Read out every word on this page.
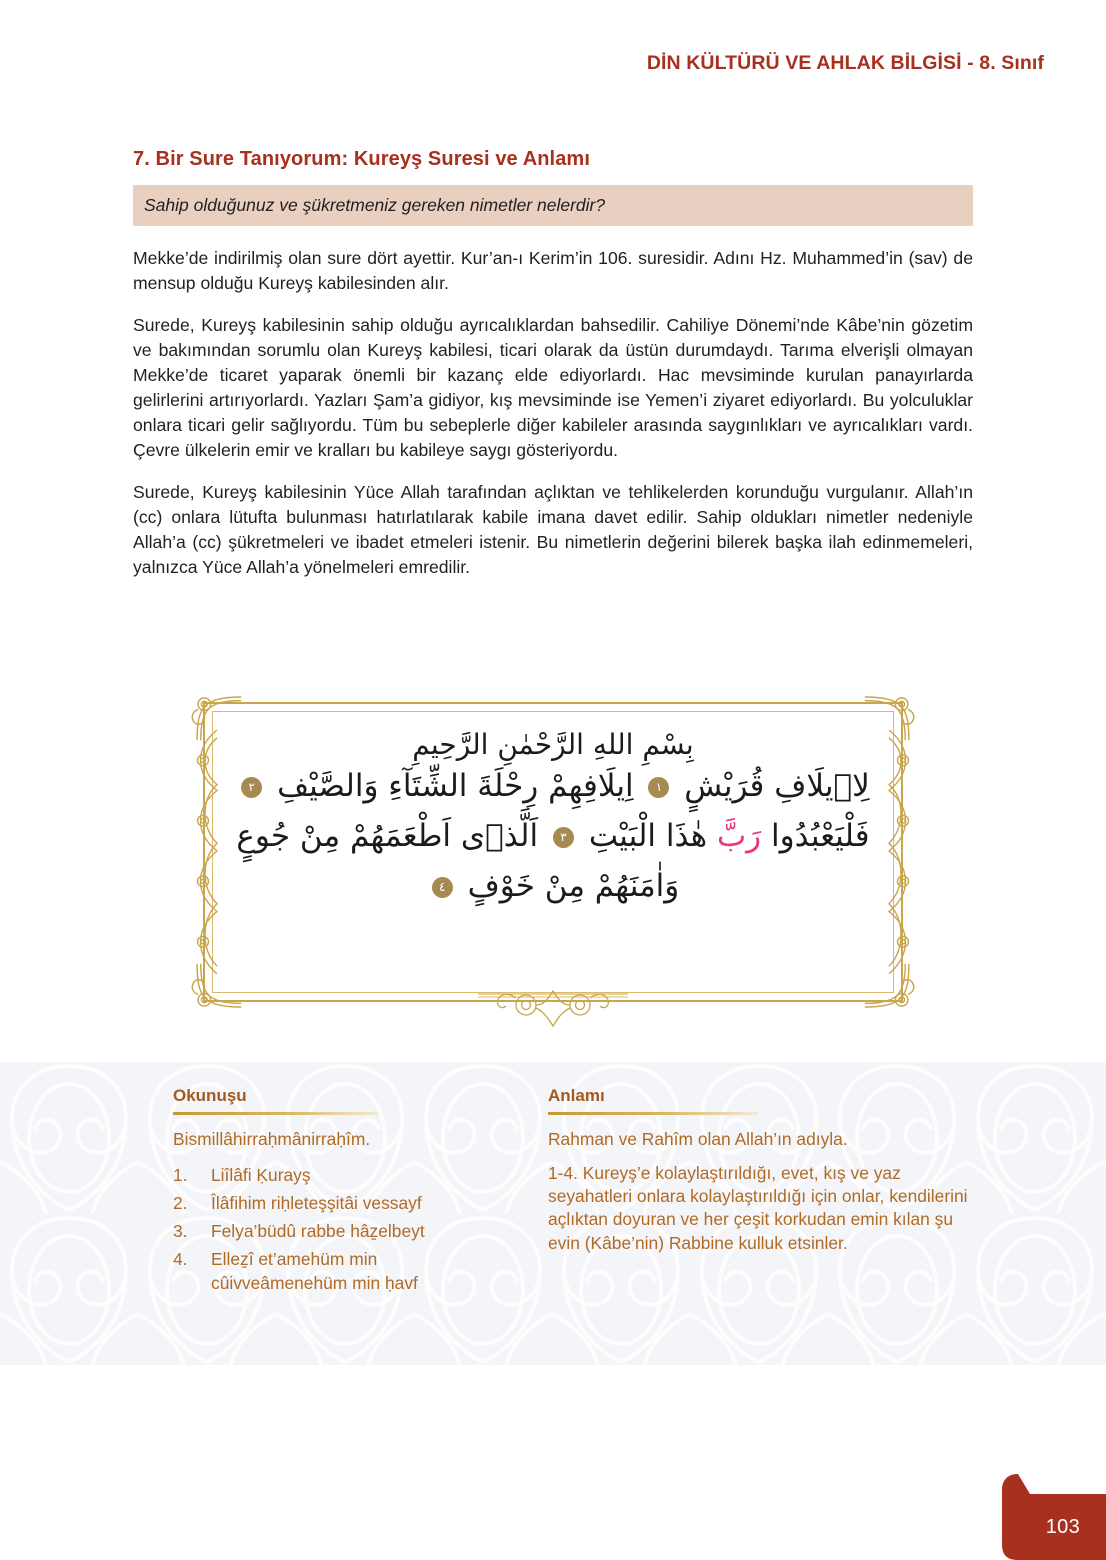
DİN KÜLTÜRÜ VE AHLAK BİLGİSİ - 8. Sınıf
7. Bir Sure Tanıyorum: Kureyş Suresi ve Anlamı
Sahip olduğunuz ve şükretmeniz gereken nimetler nelerdir?

Mekke’de indirilmiş olan sure dört ayettir. Kur’an-ı Kerim’in 106. suresidir. Adını Hz. Muhammed’in (sav) de mensup olduğu Kureyş kabilesinden alır.

Surede, Kureyş kabilesinin sahip olduğu ayrıcalıklardan bahsedilir. Cahiliye Dönemi’nde Kâbe’nin gözetim ve bakımından sorumlu olan Kureyş kabilesi, ticari olarak da üstün durumdaydı. Tarıma elverişli olmayan Mekke’de ticaret yaparak önemli bir kazanç elde ediyorlardı. Hac mevsiminde kurulan panayırlarda gelirlerini artırıyorlardı. Yazları Şam’a gidiyor, kış mevsiminde ise Yemen’i ziyaret ediyorlardı. Bu yolculuklar onlara ticari gelir sağlıyordu. Tüm bu sebeplerle diğer kabileler arasında saygınlıkları ve ayrıcalıkları vardı. Çevre ülkelerin emir ve kralları bu kabileye saygı gösteriyordu.

Surede, Kureyş kabilesinin Yüce Allah tarafından açlıktan ve tehlikelerden korunduğu vurgulanır. Allah’ın (cc) onlara lütufta bulunması hatırlatılarak kabile imana davet edilir. Sahip oldukları nimetler nedeniyle Allah’a (cc) şükretmeleri ve ibadet etmeleri istenir. Bu nimetlerin değerini bilerek başka ilah edinmemeleri, yalnızca Yüce Allah’a yönelmeleri emredilir.

بِسْمِ اللهِ الرَّحْمٰنِ الرَّحِيمِ
لِاٖيلَافِ قُرَيْشٍ ١ اِيلَافِهِمْ رِحْلَةَ الشِّتَآءِ وَالصَّيْفِ ٢
فَلْيَعْبُدُوا رَبَّ هٰذَا الْبَيْتِ ٣ اَلَّذٖى اَطْعَمَهُمْ مِنْ جُوعٍ
وَاٰمَنَهُمْ مِنْ خَوْفٍ ٤
Okunuşu

Bismillâhirraḥmânirraḥîm.

1.	Liîlâfi Ḳurayş
2.	Îlâfihim riḥleteşşitâi vessayf
3.	Felya’büdû rabbe hâẕelbeyt
4.	Elleẕî et’amehüm min cûivveâmenehüm min ḥavf
Anlamı

Rahman ve Rahîm olan Allah’ın adıyla.

1-4. Kureyş’e kolaylaştırıldığı, evet, kış ve yaz seyahatleri onlara kolaylaştırıldığı için onlar, kendilerini açlıktan doyuran ve her çeşit korkudan emin kılan şu evin (Kâbe’nin) Rabbine kulluk etsinler.

103
